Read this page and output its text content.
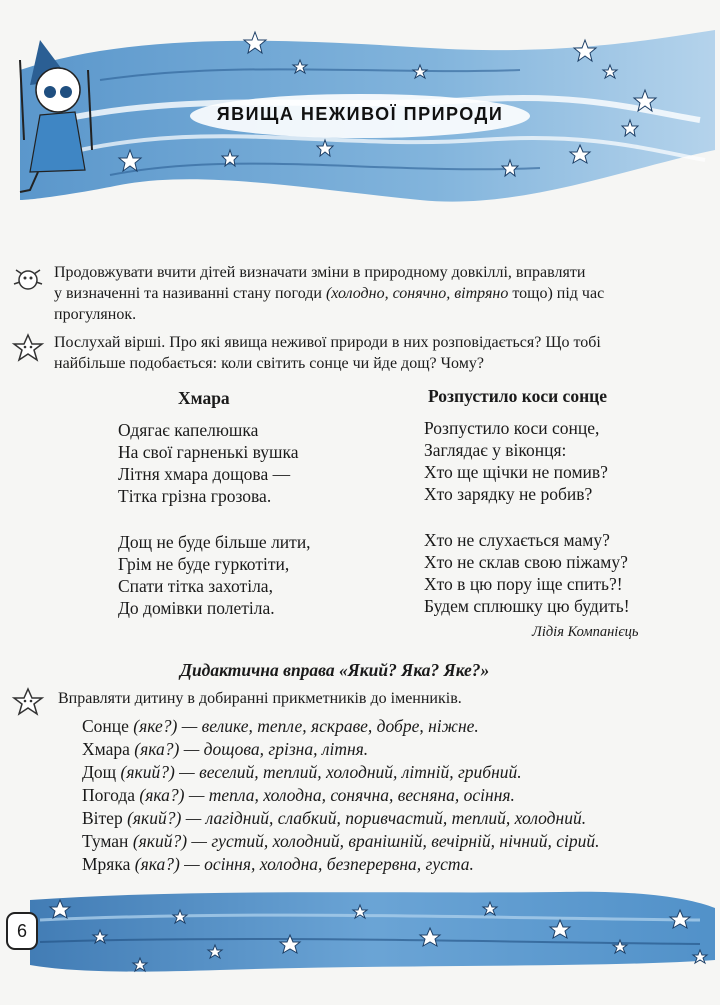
ЯВИЩА НЕЖИВОЇ ПРИРОДИ
Продовжувати вчити дітей визначати зміни в природному довкіллі, вправляти
у визначенні та називанні стану погоди (холодно, сонячно, вітряно тощо) під час
прогулянок.
Послухай вірші. Про які явища неживої природи в них розповідається? Що тобі
найбільше подобається: коли світить сонце чи йде дощ? Чому?
Хмара
Одягає капелюшка
На свої гарненькі вушка
Літня хмара дощова —
Тітка грізна грозова.
Дощ не буде більше лити,
Грім не буде гуркотіти,
Спати тітка захотіла,
До домівки полетіла.
Розпустило коси сонце
Розпустило коси сонце,
Заглядає у віконця:
Хто ще щічки не помив?
Хто зарядку не робив?
Хто не слухається маму?
Хто не склав свою піжаму?
Хто в цю пору іще спить?!
Будем сплюшку цю будить!
Лідія Компанієць
Дидактична вправа «Який? Яка? Яке?»
Вправляти дитину в добиранні прикметників до іменників.
Сонце (яке?) — велике, тепле, яскраве, добре, ніжне.
Хмара (яка?) — дощова, грізна, літня.
Дощ (який?) — веселий, теплий, холодний, літній, грибний.
Погода (яка?) — тепла, холодна, сонячна, весняна, осіння.
Вітер (який?) — лагідний, слабкий, поривчастий, теплий, холодний.
Туман (який?) — густий, холодний, вранішній, вечірній, нічний, сірий.
Мряка (яка?) — осіння, холодна, безперервна, густа.
6
